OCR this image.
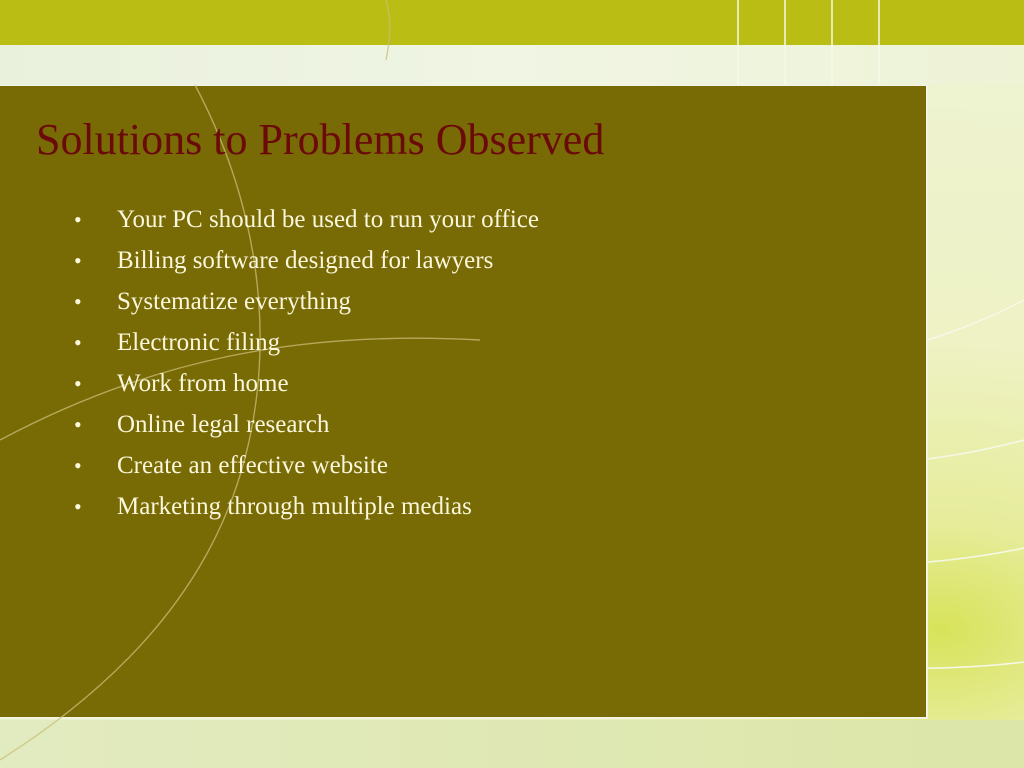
Solutions to Problems Observed
•	Your PC should be used to run your office
•	Billing software designed for lawyers
•	Systematize everything
•	Electronic filing
•	Work from home
•	Online legal research
•	Create an effective website
•	Marketing through multiple medias
